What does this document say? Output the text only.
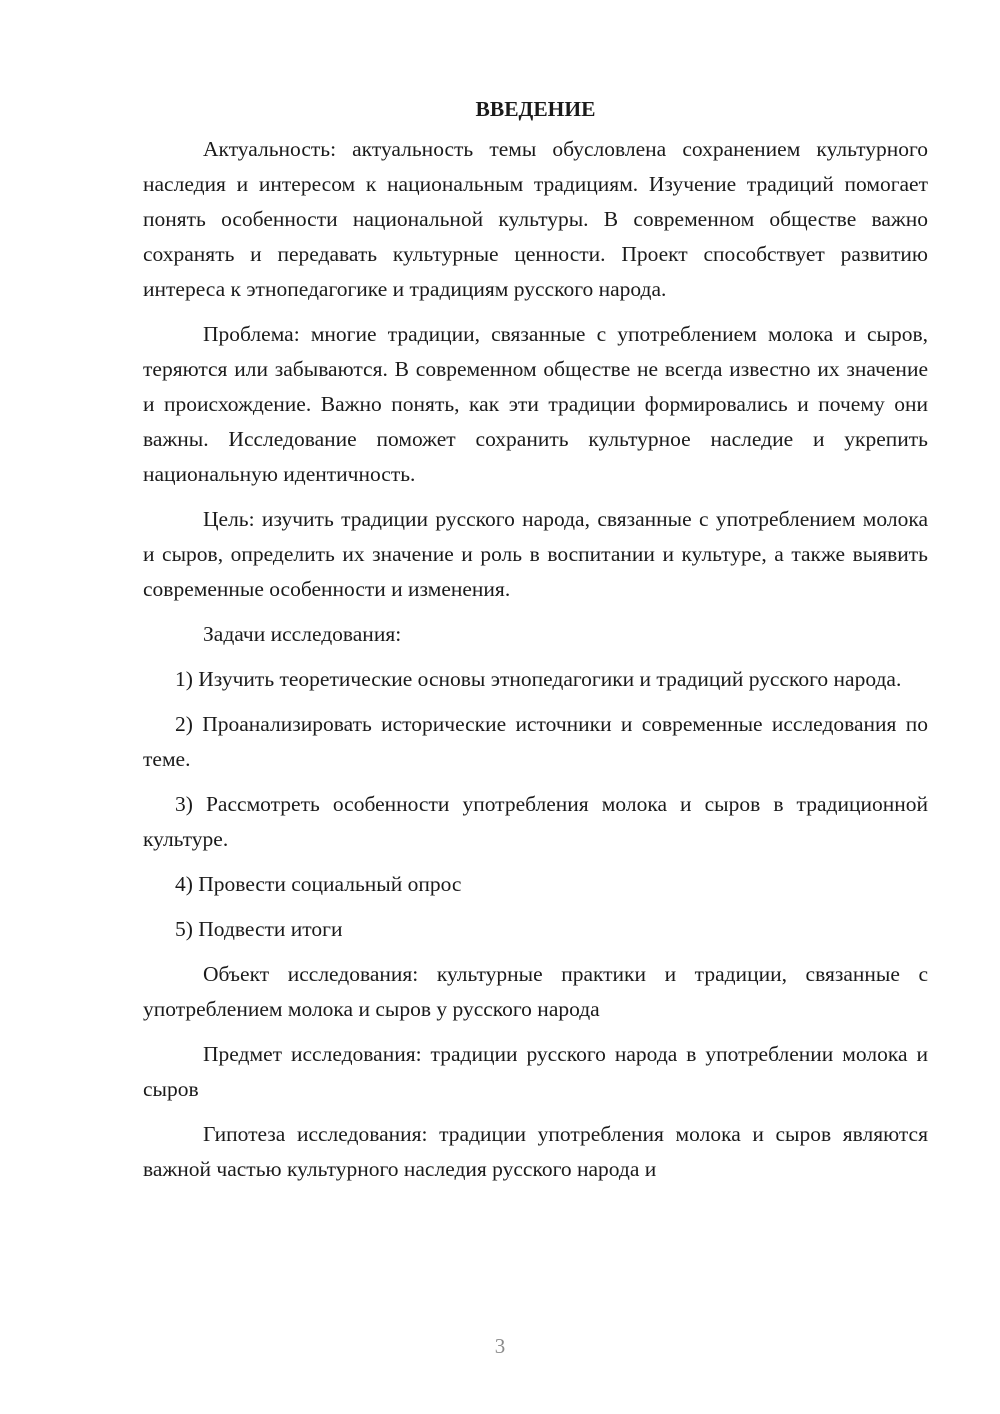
ВВЕДЕНИЕ

Актуальность: актуальность темы обусловлена сохранением культурного наследия и интересом к национальным традициям. Изучение традиций помогает понять особенности национальной культуры. В современном обществе важно сохранять и передавать культурные ценности. Проект способствует развитию интереса к этнопедагогике и традициям русского народа.

Проблема: многие традиции, связанные с употреблением молока и сыров, теряются или забываются. В современном обществе не всегда известно их значение и происхождение. Важно понять, как эти традиции формировались и почему они важны. Исследование поможет сохранить культурное наследие и укрепить национальную идентичность.

Цель: изучить традиции русского народа, связанные с употреблением молока и сыров, определить их значение и роль в воспитании и культуре, а также выявить современные особенности и изменения.

Задачи исследования:

1) Изучить теоретические основы этнопедагогики и традиций русского народа.

2) Проанализировать исторические источники и современные исследования по теме.

3) Рассмотреть особенности употребления молока и сыров в традиционной культуре.

4) Провести социальный опрос

5) Подвести итоги

Объект исследования: культурные практики и традиции, связанные с употреблением молока и сыров у русского народа

Предмет исследования: традиции русского народа в употреблении молока и сыров

Гипотеза исследования: традиции употребления молока и сыров являются важной частью культурного наследия русского народа и

3
